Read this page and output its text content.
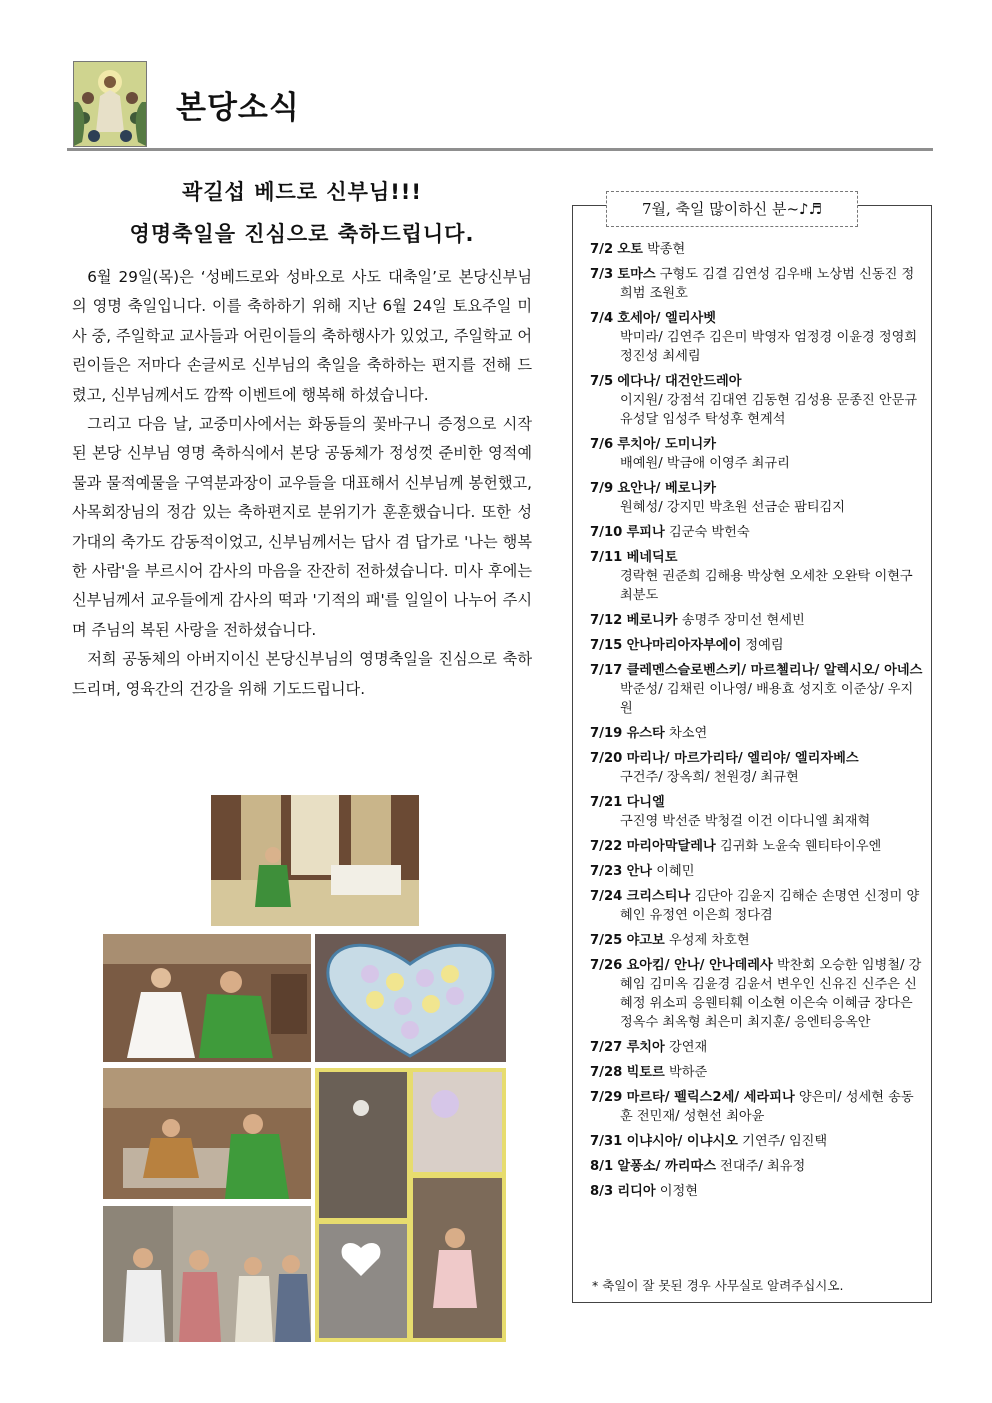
본당소식
곽길섭 베드로 신부님!!!
영명축일을 진심으로 축하드립니다.

6월 29일(목)은 ‘성베드로와 성바오로 사도 대축일’로 본당신부님의 영명 축일입니다. 이를 축하하기 위해 지난 6월 24일 토요주일 미사 중, 주일학교 교사들과 어린이들의 축하행사가 있었고, 주일학교 어린이들은 저마다 손글씨로 신부님의 축일을 축하하는 편지를 전해 드렸고, 신부님께서도 깜짝 이벤트에 행복해 하셨습니다.

그리고 다음 날, 교중미사에서는 화동들의 꽃바구니 증정으로 시작된 본당 신부님 영명 축하식에서 본당 공동체가 정성껏 준비한 영적예물과 물적예물을 구역분과장이 교우들을 대표해서 신부님께 봉헌했고, 사목회장님의 정감 있는 축하편지로 분위기가 훈훈했습니다. 또한 성가대의 축가도 감동적이었고, 신부님께서는 답사 겸 답가로 '나는 행복한 사람'을 부르시어 감사의 마음을 잔잔히 전하셨습니다. 미사 후에는 신부님께서 교우들에게 감사의 떡과 '기적의 패'를 일일이 나누어 주시며 주님의 복된 사랑을 전하셨습니다.

저희 공동체의 아버지이신 본당신부님의 영명축일을 진심으로 축하드리며, 영육간의 건강을 위해 기도드립니다.

7월, 축일 많이하신 분~♪♬
7/2 오토 박종현
7/3 토마스 구형도 김결 김연성 김우배 노상범 신동진 정희범 조원호
7/4 호세아/ 엘리사벳
박미라/ 김연주 김은미 박영자 엄정경 이윤경 정영희 정진성 최세림
7/5 에다나/ 대건안드레아
이지원/ 강점석 김대연 김동현 김성용 문종진 안문규 유성달 임성주 탁성후 현계석
7/6 루치아/ 도미니카
배예원/ 박금애 이영주 최규리
7/9 요안나/ 베로니카
원혜성/ 강지민 박초원 선금순 팜티김지
7/10 루피나 김군숙 박헌숙
7/11 베네딕토
경락현 권준희 김해용 박상현 오세찬 오완탁 이현구 최분도
7/12 베로니카 송명주 장미선 현세빈
7/15 안나마리아자부에이 정예림
7/17 클레멘스슬로벤스키/ 마르첼리나/ 알렉시오/ 아네스 박준성/ 김채린 이나영/ 배용효 성지호 이준상/ 우지원
7/19 유스타 차소연
7/20 마리나/ 마르가리타/ 엘리야/ 엘리자베스
구건주/ 장옥희/ 천원경/ 최규현
7/21 다니엘
구진영 박선준 박청걸 이건 이다니엘 최재혁
7/22 마리아막달레나 김귀화 노윤숙 웬티타이우엔
7/23 안나 이혜민
7/24 크리스티나 김단아 김윤지 김해순 손명연 신정미 양혜인 유정연 이은희 정다겸
7/25 야고보 우성제 차호현
7/26 요아킴/ 안나/ 안나데레사 박찬회 오승한 임병철/ 강혜임 김미옥 김윤경 김윤서 변우인 신유진 신주은 신혜정 위소피 응웬티훼 이소현 이은숙 이혜금 장다은 정옥수 최옥형 최은미 최지훈/ 응엔티응옥안
7/27 루치아 강연재
7/28 빅토르 박하준
7/29 마르타/ 펠릭스2세/ 세라피나 양은미/ 성세현 송동훈 전민재/ 성현선 최아윤
7/31 이냐시아/ 이냐시오 기연주/ 임진택
8/1 알퐁소/ 까리따스 전대주/ 최유정
8/3 리디아 이정현
* 축일이 잘 못된 경우 사무실로 알려주십시오.
